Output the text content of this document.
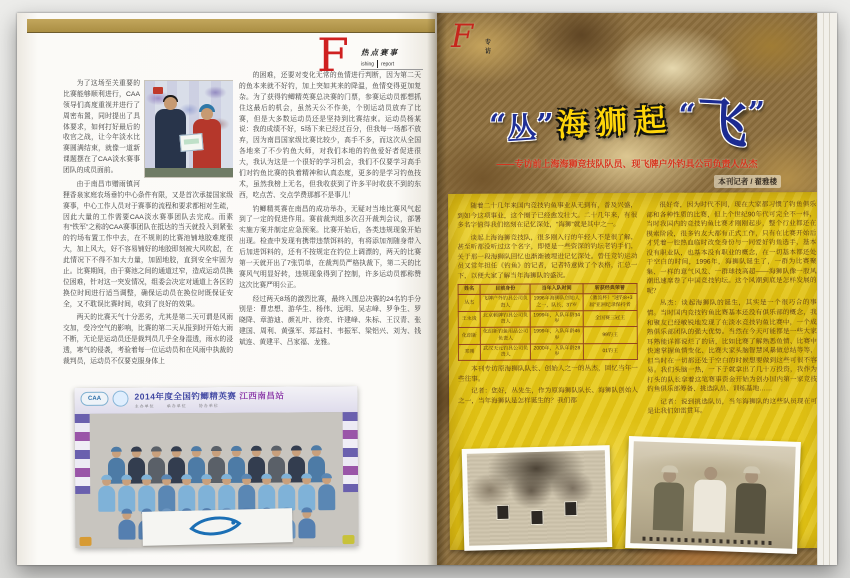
F 热点赛事
ishing report

为了这场至关重要的比赛能够顺利进行，CAA领导们高度重视并进行了周密布置，同时提出了具体要求，如何打好最后的收官之战，让今年淡水比赛圆满结束，就像一道新课题摆在了CAA淡水赛事团队的成员面前。

由于南昌市赠雨镇河狸香泉家庭农场垂钓中心条件有限，又是首次承接国家级赛事，中心工作人员对于赛事的流程和要求都相对生疏，因此大量的工作需要CAA淡水赛事团队去完成。而素有“铁军”之称的CAA赛事团队在抵达的当天就投入到紧张的钓场布置工作中去，在不规则的比赛池铺地胶难度很大，加上风大，好不容易铺好的地胶即刻被大风吹起，在此情况下不得不加大力量，加固地胶，直到安全牢固为止。比赛期间，由于赛池之间的通道过窄，造成运动员换位困难，针对这一突发情况，组委会决定对通道上各区的换位时间进行适当调整，确保运动员在换位时既保证安全，又不耽误比赛时间，收到了良好的效果。

两天的比赛天气十分恶劣，尤其是第二天可谓是风雨交加，受冷空气的影响，比赛的第二天从报到时开始大雨不断，无论是运动员还是裁判员几乎全身湿透，雨水的浸透，寒气的侵袭，考验着每一位运动员和在风雨中执裁的裁判员，运动员不仅要克服身体上

的困难，还要对变化无常的鱼情进行判断，因为第二天的鱼本来就不好钓，加上突如其来的降温，鱼情变得更加复杂。为了获得钓鲫精英赛总决赛的门票，参赛运动员都想抓住这最后的机会，虽然天公不作美，个别运动员放弃了比赛，但是大多数运动员还是坚持到比赛结束。运动员杨某说：我的成绩不好，5场下来已经过百分，但我每一场都不放弃，因为南昌国家级比赛比较少，高手不多，而这次从全国各地来了不少钓鱼大师，对我们本地的钓鱼爱好者促进很大，我认为这是一个很好的学习机会，我们不仅要学习高手们对钓鱼比赛的执着精神和认真态度，更多的是学习钓鱼技术，虽然我榜上无名，但我收获到了许多平时收获不到的东西，吃点苦、交点学费那都不是事儿！

钓鲫精英赛在南昌的成功举办，无疑对当地比赛风气起到了一定的促进作用。赛前裁判组多次召开裁判会议，部署实施方案并制定应急预案。比赛开始后，各类违规现象开始出现。检查中发现有携带违禁饵料的，有将添加剂随身带入后加进饵料的，还有不按规定在钓位上调漂的，两天的比赛第一天就开出了7张罚单，在裁判员严格执裁下，第二天的比赛风气明显好转，违规现象得到了控制，许多运动员都称赞这次比赛严明公正。

经过两天8场的激烈比赛，最终入围总决赛的24名钓手分别是：曹忠想、游华生、杨伟、远明、吴志峰、罗争生、罗晓降、章游迪、颜礼叶、徐亮、许建峰、朱标、王汉青、张建国、周利、黄强军、郑益村、韦振军、梁铝兴、刘为、钱斌连、黄建平、吕家福、龙雅。

CAA	2014年度全国钓鲫精英赛 江西南昌站
主办单位	承办单位	协办单位
F 专访
“丛” 海狮起 “飞”
——专访前上海海狮竞技队队员、现飞牌户外钓具公司负责人丛杰
本刊记者 / 翟雅楼

随着二十几年来国内竞技钓鱼事业从无到有，普及兴盛，到如今这项事业，这个圈子已经愈发壮大。二十几年来，有很多名字值得我们铭刻在记忆深处，“海狮”就是其中之一。

谈起上海海狮竞技队，很多刚入行的年轻人不是很了解，甚至听都没听过这个名字，即使是一些资深的钓坛老钓手们，关于那一段海狮队回忆也渐渐被埋进记忆深处。曾任竞钓运动员又常年担任《钓鱼》的记者，记者特意做了个表格，汇总一下，以便大家了解当年海狮队的盛况。

姓名	目前身份	当年入队时间	斩获经典荣誉
丛杰	飞牌户外钓具公司负责人	1996年海狮队创始人之一，队长，37岁	（激流杯）“速钓8+3届”亚洲纪录保持者
王永贵	北京顿牌钓具公司负责人	1999年，入队年龄34岁	全国赛三冠王
化绍新	化绍新钓鱼用品公司负责人	1999年，入队年龄46岁	99钓王
邓刚	武汉天元钓具公司负责人	2000年，入队年龄28岁	01钓王

本刊专访原海狮队队长、创始人之一的丛杰，回忆当年一些往事。

记者：您好，丛先生，作为原海狮队队长、海狮队创始人之一，当年海狮队是怎样诞生的？我们都

很好奇，因为时代不同，现在大家都习惯了钓鱼俱乐部和各种性质的比赛，但上个世纪90年代可完全不一样，当时我国内的竞技钓鱼比赛才刚刚起步，整个行业都还在摸索阶段，很多钓友大都有正式工作，只有在比赛开始后才凭着一腔热血临时改变身份与一同爱好钓鱼选手，基本没有职业队，也基本没有职业的概念，在一切基本都还处于空白的时间，1996年，海狮队诞生了，一群为比赛聚集、一样的意气风发、一群球技高超——海狮队像一股风潮迅速席卷了中国竞技钓坛。这个风潮到底是怎样发展的呢？

丛杰：谈起海狮队的诞生，其实是一个很巧合的事情。当时国内竞技钓鱼比赛基本还没有俱乐部的概念，我和聚友已经敏锐地发现了在淡水竞技钓鱼比赛中，一个成熟俱乐部团队的强大优势。当然在今天可能都是一些大家耳熟能详都说烂了的话，比如比赛了解熟悉鱼情、比赛中快速掌握鱼情变化、比赛大家头脑智慧风暴做总结等等，但当时在一切都还处于空白的时候想要做到这些可很不容易。我们头脑一热，一下子就拿出了几十万投资，我作为打头的队长拿着这笔赛事资金开始为创办国内第一家竞技钓鱼俱乐部筹备、挑选队员、训练基地……

记者：说到挑选队员，当年海狮队的这些队员现在可是让我们如雷贯耳。
